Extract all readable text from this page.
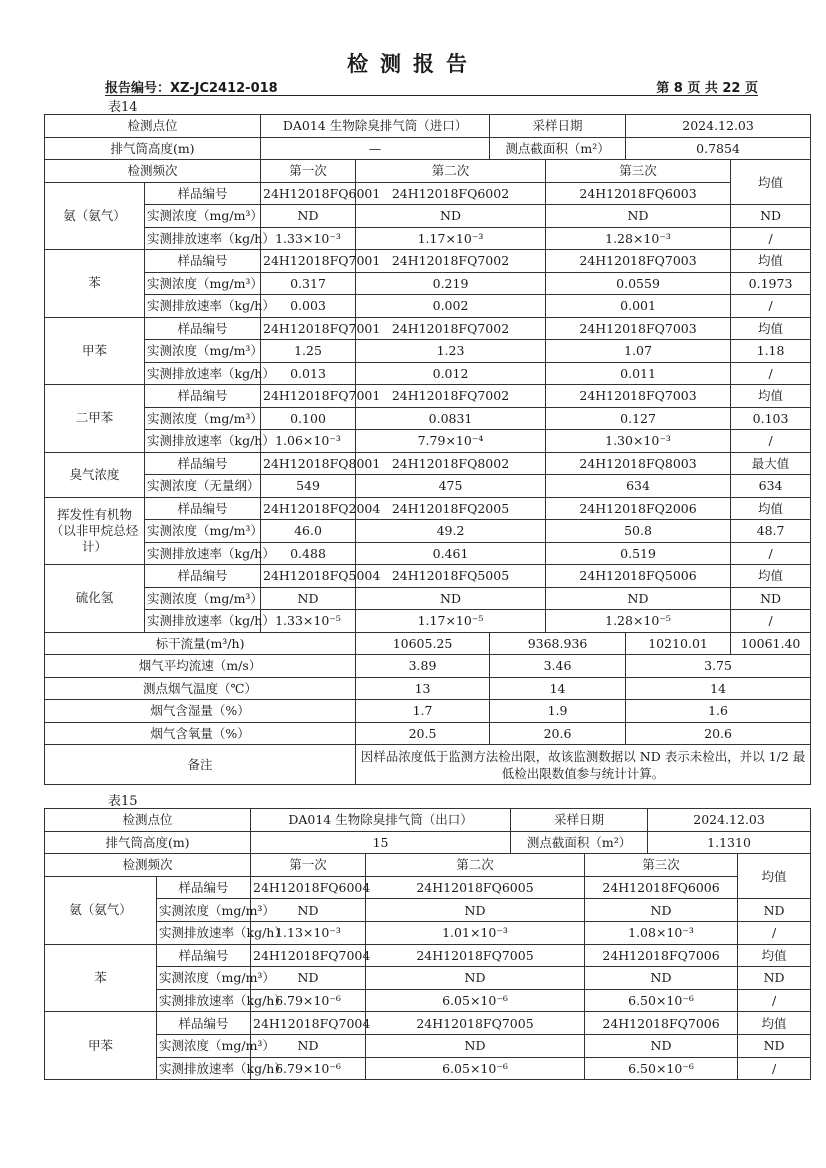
检测报告
报告编号：XZ-JC2412-018	第 8 页 共 22 页
表14
检测点位		DA014 生物除臭排气筒（进口）		采样日期		2024.12.03		
排气筒高度(m)		—		测点截面积（m²）		0.7854		
检测频次		第一次	第二次		第三次		均值	
氨（氨气）	样品编号	24H12018FQ6001	24H12018FQ6002		24H12018FQ6003			
	实测浓度（mg/m³）	ND	ND		ND		ND	
	实测排放速率（kg/h）	1.33×10⁻³	1.17×10⁻³		1.28×10⁻³		/	
苯	样品编号	24H12018FQ7001	24H12018FQ7002		24H12018FQ7003		均值	
	实测浓度（mg/m³）	0.317	0.219		0.0559		0.1973	
	实测排放速率（kg/h）	0.003	0.002		0.001		/	
甲苯	样品编号	24H12018FQ7001	24H12018FQ7002		24H12018FQ7003		均值	
	实测浓度（mg/m³）	1.25	1.23		1.07		1.18	
	实测排放速率（kg/h）	0.013	0.012		0.011		/	
二甲苯	样品编号	24H12018FQ7001	24H12018FQ7002		24H12018FQ7003		均值	
	实测浓度（mg/m³）	0.100	0.0831		0.127		0.103	
	实测排放速率（kg/h）	1.06×10⁻³	7.79×10⁻⁴		1.30×10⁻³		/	
臭气浓度	样品编号	24H12018FQ8001	24H12018FQ8002		24H12018FQ8003		最大值	
	实测浓度（无量纲）	549	475		634		634	
挥发性有机物（以非甲烷总烃计）	样品编号	24H12018FQ2004	24H12018FQ2005		24H12018FQ2006		均值	
	实测浓度（mg/m³）	46.0	49.2		50.8		48.7	
	实测排放速率（kg/h）	0.488	0.461		0.519		/	
硫化氢	样品编号	24H12018FQ5004	24H12018FQ5005		24H12018FQ5006		均值	
	实测浓度（mg/m³）	ND	ND		ND		ND	
	实测排放速率（kg/h）	1.33×10⁻⁵	1.17×10⁻⁵		1.28×10⁻⁵		/	
标干流量(m³/h)			10605.25	9368.936		10210.01	10061.40	
烟气平均流速（m/s）			3.89	3.46		3.75	
测点烟气温度（℃）			13	14		14		
烟气含湿量（%）			1.7	1.9		1.6		
烟气含氧量（%）			20.5	20.6		20.6		
备注			因样品浓度低于监测方法检出限，故该监测数据以 ND 表示未检出，并以 1/2 最低检出限数值参与统计计算。					
表15
检测点位		DA014 生物除臭排气筒（出口）		采样日期		2024.12.03	
排气筒高度(m)		15		测点截面积（m²）		1.1310	
检测频次		第一次	第二次		第三次		均值
氨（氨气）	样品编号	24H12018FQ6004	24H12018FQ6005		24H12018FQ6006		
	实测浓度（mg/m³）	ND	ND		ND		ND
	实测排放速率（kg/h）	1.13×10⁻³	1.01×10⁻³		1.08×10⁻³		/
苯	样品编号	24H12018FQ7004	24H12018FQ7005		24H12018FQ7006		均值
	实测浓度（mg/m³）	ND	ND		ND		ND
	实测排放速率（kg/h）	6.79×10⁻⁶	6.05×10⁻⁶		6.50×10⁻⁶		/
甲苯	样品编号	24H12018FQ7004	24H12018FQ7005		24H12018FQ7006		均值
	实测浓度（mg/m³）	ND	ND		ND		ND
	实测排放速率（kg/h）	6.79×10⁻⁶	6.05×10⁻⁶		6.50×10⁻⁶		/
